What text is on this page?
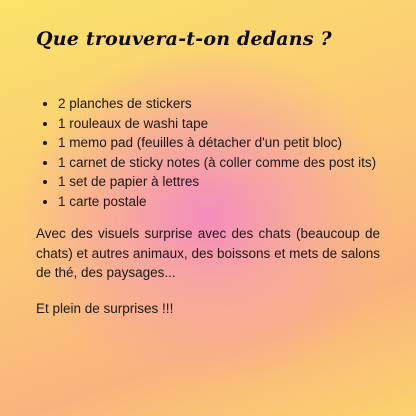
Que trouvera-t-on dedans ?
• 2 planches de stickers
• 1 rouleaux de washi tape
• 1 memo pad (feuilles à détacher d'un petit bloc)
• 1 carnet de sticky notes (à coller comme des post its)
• 1 set de papier à lettres
• 1 carte postale

Avec des visuels surprise avec des chats (beaucoup de chats) et autres animaux, des boissons et mets de salons de thé, des paysages...

Et plein de surprises !!!
